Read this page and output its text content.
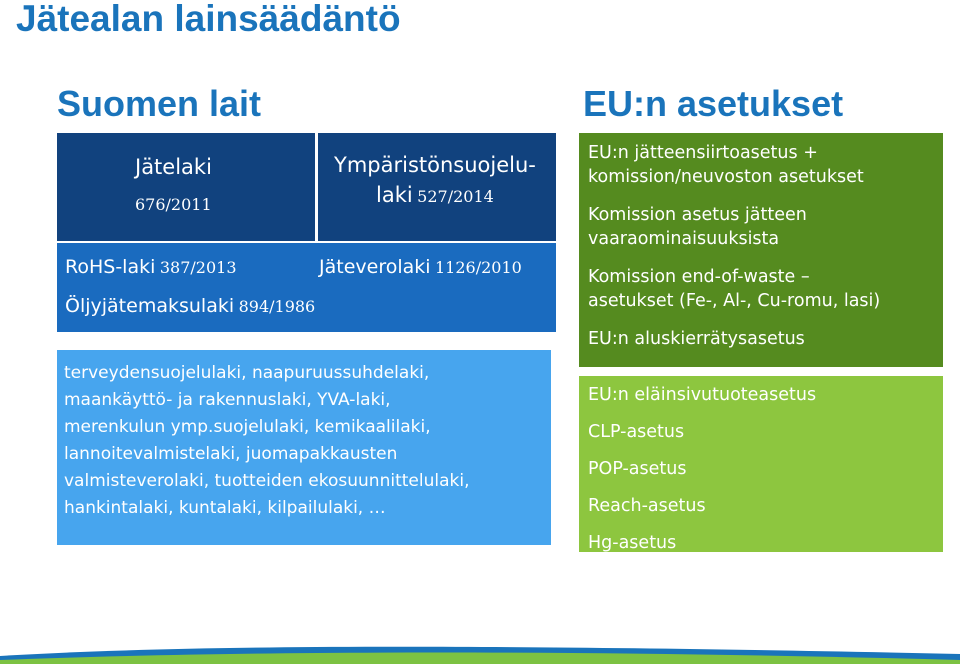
Jätealan lainsäädäntö
Suomen lait
Jätelaki
676/2011
Ympäristönsuojelu-
laki 527/2014
RoHS-laki 387/2013	Jäteverolaki 1126/2010
Öljyjätemaksulaki 894/1986
terveydensuojelulaki, naapuruussuhdelaki,
maankäyttö- ja rakennuslaki, YVA-laki,
merenkulun ymp.suojelulaki, kemikaalilaki,
lannoitevalmistelaki, juomapakkausten
valmisteverolaki, tuotteiden ekosuunnittelulaki,
hankintalaki, kuntalaki, kilpailulaki, …
EU:n asetukset
EU:n jätteensiirtoasetus +
komission/neuvoston asetukset
Komission asetus jätteen
vaaraominaisuuksista
Komission end-of-waste –
asetukset (Fe-, Al-, Cu-romu, lasi)
EU:n aluskierrätysasetus
EU:n eläinsivutuoteasetus
CLP-asetus
POP-asetus
Reach-asetus
Hg-asetus
